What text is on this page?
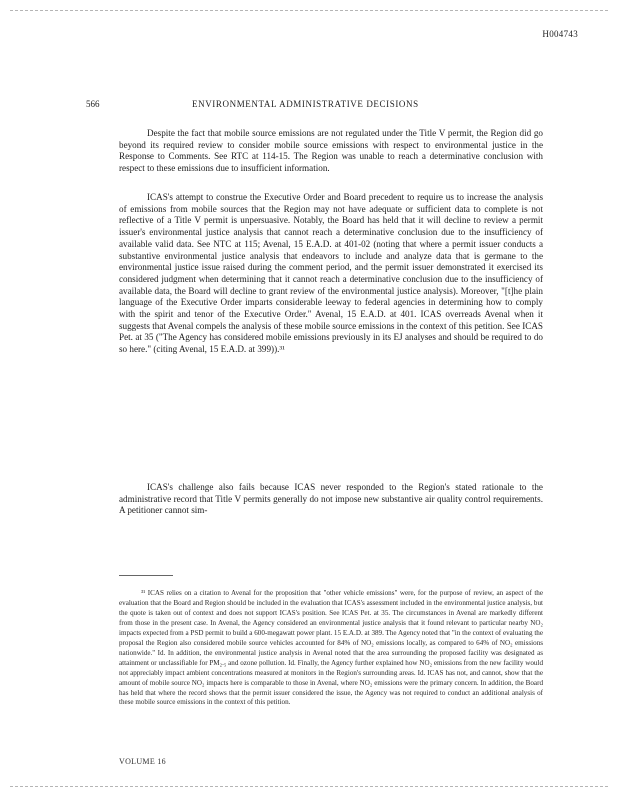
H004743
566	ENVIRONMENTAL ADMINISTRATIVE DECISIONS

Despite the fact that mobile source emissions are not regulated under the Title V permit, the Region did go beyond its required review to consider mobile source emissions with respect to environmental justice in the Response to Comments. See RTC at 114-15. The Region was unable to reach a determinative conclusion with respect to these emissions due to insufficient information.

ICAS's attempt to construe the Executive Order and Board precedent to require us to increase the analysis of emissions from mobile sources that the Region may not have adequate or sufficient data to complete is not reflective of a Title V permit is unpersuasive. Notably, the Board has held that it will decline to review a permit issuer's environmental justice analysis that cannot reach a determinative conclusion due to the insufficiency of available valid data. See NTC at 115; Avenal, 15 E.A.D. at 401-02 (noting that where a permit issuer conducts a substantive environmental justice analysis that endeavors to include and analyze data that is germane to the environmental justice issue raised during the comment period, and the permit issuer demonstrated it exercised its considered judgment when determining that it cannot reach a determinative conclusion due to the insufficiency of available data, the Board will decline to grant review of the environmental justice analysis). Moreover, "[t]he plain language of the Executive Order imparts considerable leeway to federal agencies in determining how to comply with the spirit and tenor of the Executive Order." Avenal, 15 E.A.D. at 401. ICAS overreads Avenal when it suggests that Avenal compels the analysis of these mobile source emissions in the context of this petition. See ICAS Pet. at 35 ("The Agency has considered mobile emissions previously in its EJ analyses and should be required to do so here." (citing Avenal, 15 E.A.D. at 399)).³¹

ICAS's challenge also fails because ICAS never responded to the Region's stated rationale to the administrative record that Title V permits generally do not impose new substantive air quality control requirements. A petitioner cannot sim-

³¹ ICAS relies on a citation to Avenal for the proposition that "other vehicle emissions" were, for the purpose of review, an aspect of the evaluation that the Board and Region should be included in the evaluation that ICAS's assessment included in the environmental justice analysis, but the quote is taken out of context and does not support ICAS's position. See ICAS Pet. at 35. The circumstances in Avenal are markedly different from those in the present case. In Avenal, the Agency considered an environmental justice analysis that it found relevant to particular nearby NO₂ impacts expected from a PSD permit to build a 600-megawatt power plant. 15 E.A.D. at 389. The Agency noted that "in the context of evaluating the proposal the Region also considered mobile source vehicles accounted for 84% of NO₂ emissions locally, as compared to 64% of NO₂ emissions nationwide." Id. In addition, the environmental justice analysis in Avenal noted that the area surrounding the proposed facility was designated as attainment or unclassifiable for PM₂.₅ and ozone pollution. Id. Finally, the Agency further explained how NO₂ emissions from the new facility would not appreciably impact ambient concentrations measured at monitors in the Region's surrounding areas. Id. ICAS has not, and cannot, show that the amount of mobile source NO₂ impacts here is comparable to those in Avenal, where NO₂ emissions were the primary concern. In addition, the Board has held that where the record shows that the permit issuer considered the issue, the Agency was not required to conduct an additional analysis of these mobile source emissions in the context of this petition.

VOLUME 16
